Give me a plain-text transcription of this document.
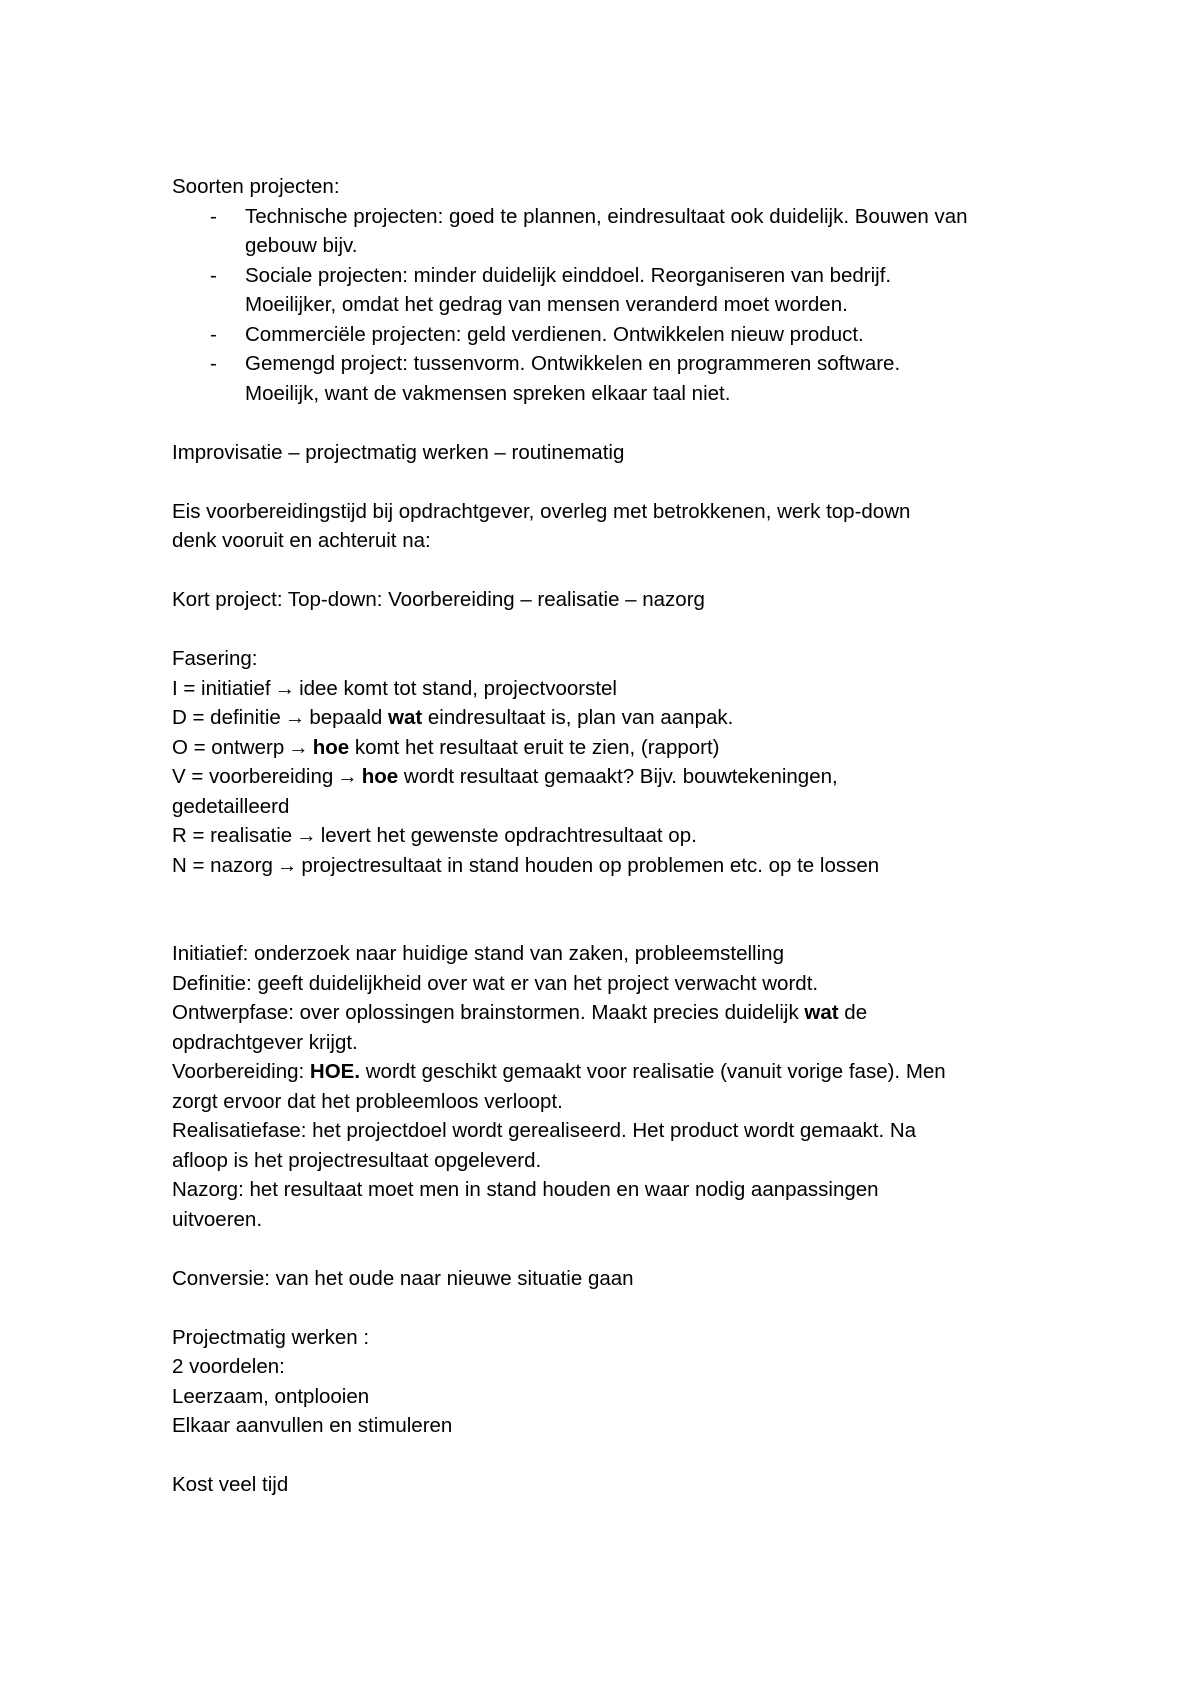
Soorten projecten:

- Technische projecten: goed te plannen, eindresultaat ook duidelijk. Bouwen van
gebouw bijv.
- Sociale projecten: minder duidelijk einddoel. Reorganiseren van bedrijf.
Moeilijker, omdat het gedrag van mensen veranderd moet worden.
- Commerciële projecten: geld verdienen. Ontwikkelen nieuw product.
- Gemengd project: tussenvorm. Ontwikkelen en programmeren software.
Moeilijk, want de vakmensen spreken elkaar taal niet.

Improvisatie – projectmatig werken – routinematig

Eis voorbereidingstijd bij opdrachtgever, overleg met betrokkenen, werk top-down

denk vooruit en achteruit na:

Kort project: Top-down: Voorbereiding – realisatie – nazorg

Fasering:

I = initiatief → idee komt tot stand, projectvoorstel

D = definitie → bepaald wat eindresultaat is, plan van aanpak.

O = ontwerp → hoe komt het resultaat eruit te zien, (rapport)

V = voorbereiding → hoe wordt resultaat gemaakt? Bijv. bouwtekeningen,

gedetailleerd

R = realisatie → levert het gewenste opdrachtresultaat op.

N = nazorg → projectresultaat in stand houden op problemen etc. op te lossen

Initiatief: onderzoek naar huidige stand van zaken, probleemstelling

Definitie: geeft duidelijkheid over wat er van het project verwacht wordt.

Ontwerpfase: over oplossingen brainstormen. Maakt precies duidelijk wat de

opdrachtgever krijgt.

Voorbereiding: HOE. wordt geschikt gemaakt voor realisatie (vanuit vorige fase). Men

zorgt ervoor dat het probleemloos verloopt.

Realisatiefase: het projectdoel wordt gerealiseerd. Het product wordt gemaakt. Na

afloop is het projectresultaat opgeleverd.

Nazorg: het resultaat moet men in stand houden en waar nodig aanpassingen

uitvoeren.

Conversie: van het oude naar nieuwe situatie gaan

Projectmatig werken :

2 voordelen:

Leerzaam, ontplooien

Elkaar aanvullen en stimuleren

Kost veel tijd
